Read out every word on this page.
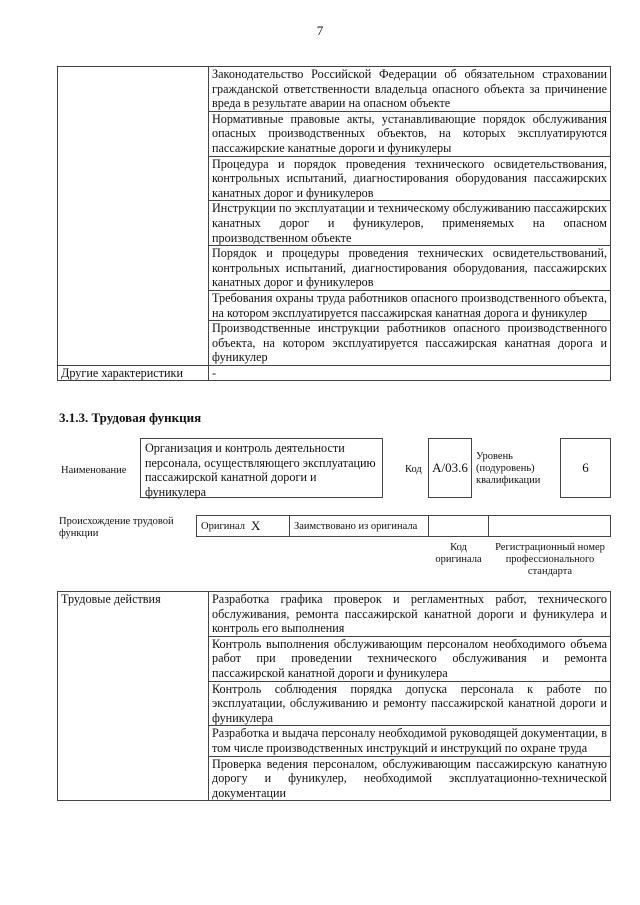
7
	Законодательство Российской Федерации об обязательном страховании гражданской ответственности владельца опасного объекта за причинение вреда в результате аварии на опасном объекте
	Нормативные правовые акты, устанавливающие порядок обслуживания опасных производственных объектов, на которых эксплуатируются пассажирские канатные дороги и фуникулеры
	Процедура и порядок проведения технического освидетельствования, контрольных испытаний, диагностирования оборудования пассажирских канатных дорог и фуникулеров
	Инструкции по эксплуатации и техническому обслуживанию пассажирских канатных дорог и фуникулеров, применяемых на опасном производственном объекте
	Порядок и процедуры проведения технических освидетельствований, контрольных испытаний, диагностирования оборудования, пассажирских канатных дорог и фуникулеров
	Требования охраны труда работников опасного производственного объекта, на котором эксплуатируется пассажирская канатная дорога и фуникулер
	Производственные инструкции работников опасного производственного объекта, на котором эксплуатируется пассажирская канатная дорога и фуникулер
Другие характеристики	-
3.1.3. Трудовая функция
Наименование
Организация и контроль деятельности персонала, осуществляющего эксплуатацию пассажирской канатной дороги и фуникулера
Код A/03.6
Уровень (подуровень) квалификации
6
Происхождение трудовой функции
Оригинал X	Заимствовано из оригинала
Код оригинала
Регистрационный номер профессионального стандарта
Трудовые действия	Разработка графика проверок и регламентных работ, технического обслуживания, ремонта пассажирской канатной дороги и фуникулера и контроль его выполнения
Контроль выполнения обслуживающим персоналом необходимого объема работ при проведении технического обслуживания и ремонта пассажирской канатной дороги и фуникулера
Контроль соблюдения порядка допуска персонала к работе по эксплуатации, обслуживанию и ремонту пассажирской канатной дороги и фуникулера
Разработка и выдача персоналу необходимой руководящей документации, в том числе производственных инструкций и инструкций по охране труда
Проверка ведения персоналом, обслуживающим пассажирскую канатную дорогу и фуникулер, необходимой эксплуатационно-технической документации
